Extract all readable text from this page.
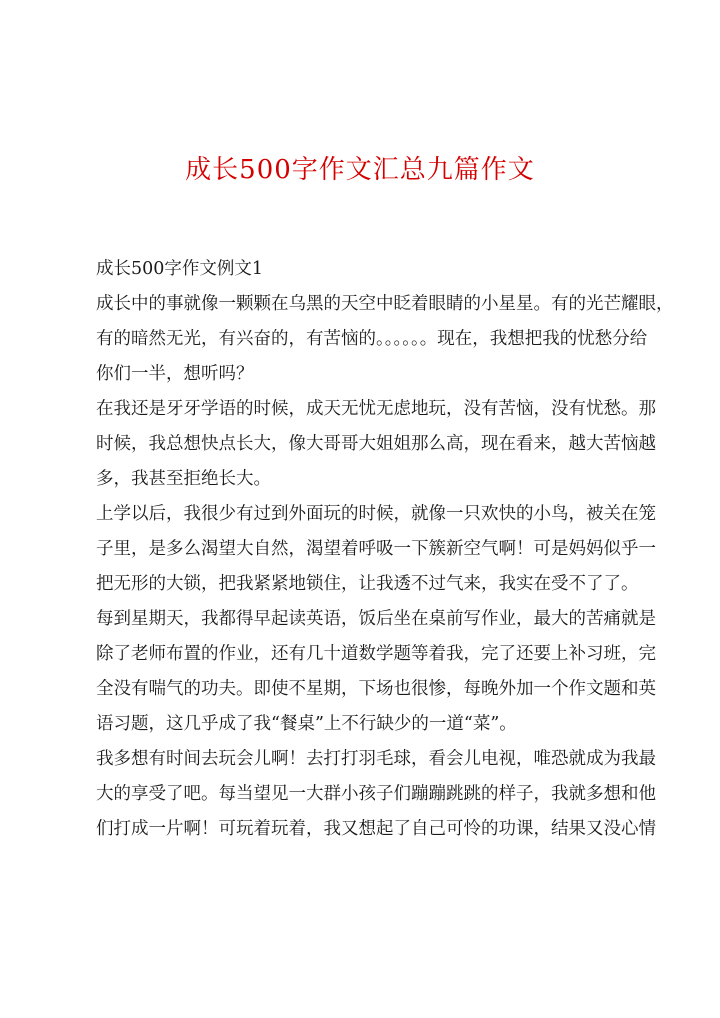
成长500字作文汇总九篇作文
成长500字作文例文1
成长中的事就像一颗颗在乌黑的天空中眨着眼睛的小星星。有的光芒耀眼，
有的暗然无光，有兴奋的，有苦恼的。。。。。。现在，我想把我的忧愁分给
你们一半，想听吗？
在我还是牙牙学语的时候，成天无忧无虑地玩，没有苦恼，没有忧愁。那
时候，我总想快点长大，像大哥哥大姐姐那么高，现在看来，越大苦恼越
多，我甚至拒绝长大。
上学以后，我很少有过到外面玩的时候，就像一只欢快的小鸟，被关在笼
子里，是多么渴望大自然，渴望着呼吸一下簇新空气啊！可是妈妈似乎一
把无形的大锁，把我紧紧地锁住，让我透不过气来，我实在受不了了。
每到星期天，我都得早起读英语，饭后坐在桌前写作业，最大的苦痛就是
除了老师布置的作业，还有几十道数学题等着我，完了还要上补习班，完
全没有喘气的功夫。即使不星期，下场也很惨，每晚外加一个作文题和英
语习题，这几乎成了我“餐桌”上不行缺少的一道“菜”。
我多想有时间去玩会儿啊！去打打羽毛球，看会儿电视，唯恐就成为我最
大的享受了吧。每当望见一大群小孩子们蹦蹦跳跳的样子，我就多想和他
们打成一片啊！可玩着玩着，我又想起了自己可怜的功课，结果又没心情
